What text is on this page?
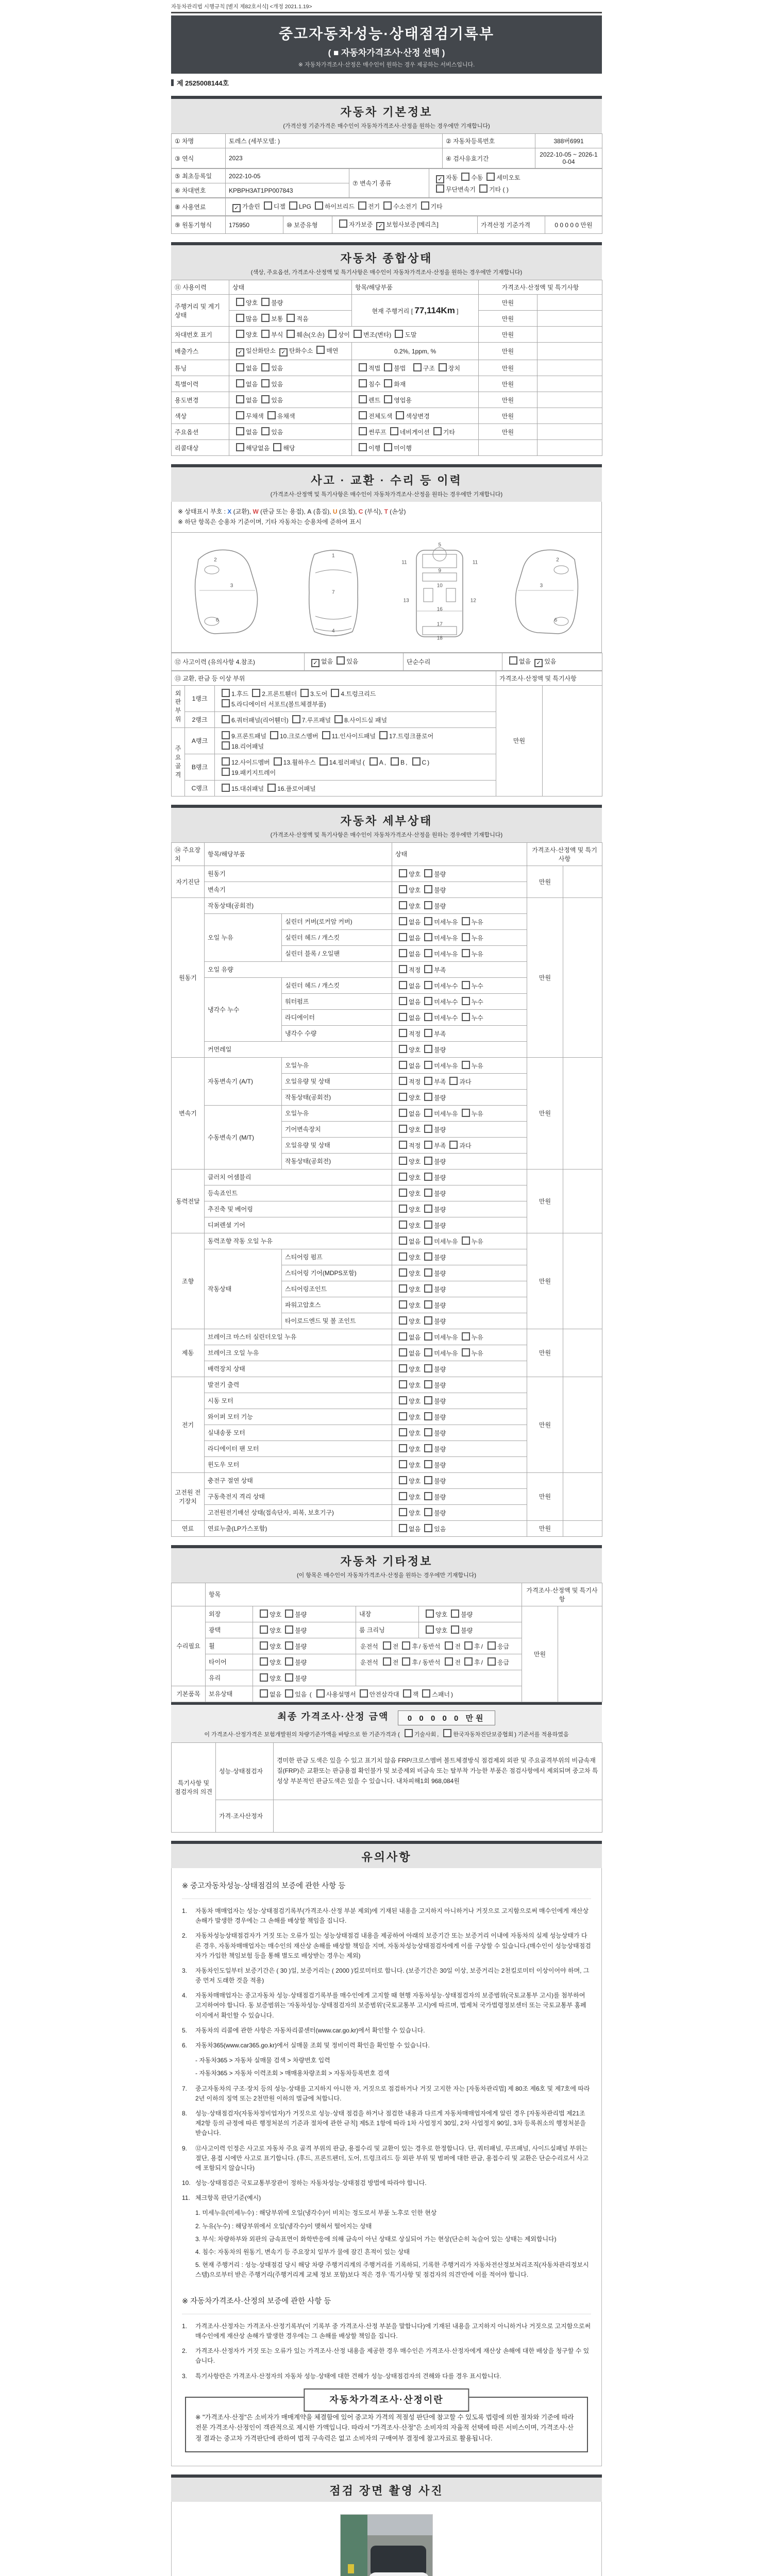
자동차관리법 시행규칙 [별지 제82호서식] <개정 2021.1.19>
중고자동차성능·상태점검기록부
( ■ 자동차가격조사·산정 선택 )
※ 자동차가격조사·산정은 매수인이 원하는 경우 제공하는 서비스입니다.
제 2525008144호
자동차 기본정보
(가격산정 기준가격은 매수인이 자동차가격조사·산정을 원하는 경우에만 기재합니다)
① 차명	토레스 (세부모델: )	② 자동차등록번호	388버6991
③ 연식	2023	④ 검사유효기간	2022-10-05 ~ 2026-10-04
⑤ 최초등록일	2022-10-05	⑦ 변속기 종류	✓자동 수동 세미오토
무단변속기 기타 ( )
⑥ 차대번호	KPBPH3AT1PP007843		
⑧ 사용연료	✓가솔린 디젤 LPG 하이브리드 전기 수소전기 기타
⑨ 원동기형식	175950	⑩ 보증유형	자가보증 ✓ 보험사보증 [메리츠]	가격산정 기준가격	0 0 0 0 0 만원
자동차 종합상태
(색상, 주요옵션, 가격조사·산정액 및 특기사항은 매수인이 자동차가격조사·산정을 원하는 경우에만 기재합니다)
⑪ 사용이력	상태	항목/해당부품	가격조사·산정액 및 특기사항	
주행거리 및 계기상태	양호 불량	현재 주행거리 [ 77,114Km ]	만원	
	많음 보통 적음		만원	
차대번호 표기	양호 부식 훼손(오손) 상이 변조(변타) 도말		만원	
배출가스	✓일산화탄소 ✓ 탄화수소 매연	0.2%, 1ppm, %	만원	
튜닝	없음 있음	적법 불법 구조 장치	만원	
특별이력	없음 있음	침수 화재	만원	
용도변경	없음 있음	렌트 영업용	만원	
색상	무채색 유채색	전체도색 색상변경	만원	
주요옵션	없음 있음	썬루프 네비게이션 기타	만원	
리콜대상	해당없음 해당	이행 미이행		
사고 · 교환 · 수리 등 이력
(가격조사·산정액 및 특기사항은 매수인이 자동차가격조사·산정을 원하는 경우에만 기재합니다)
※ 상태표시 부호 : X (교환), W (판금 또는 용접), A (흠집), U (요철), C (부식), T (손상)
※ 하단 항목은 승용차 기준이며, 기타 자동차는 승용차에 준하여 표시
2
3
6
1
7
4
5
11	11
9
10
13	12
16
17
18
2
3
6
⑫ 사고이력 (유의사항 4.참조)	✓없음 있음	단순수리	없음 ✓ 있음
⑬ 교환, 판금 등 이상 부위			가격조사·산정액 및 특기사항	
외판부위	1랭크	1.후드 2.프론트휀더 3.도어 4.트렁크리드
5.라디에이터 서포트(볼트체결부품)	만원	
	2랭크	6.쿼터패널(리어휀더) 7.루프패널 8.사이드실 패널		
주요골격	A랭크	9.프론트패널 10.크로스멤버 11.인사이드패널 17.트렁크플로어
18.리어패널		
	B랭크	12.사이드멤버 13.휠하우스 14.필러패널 ( A , B , C )
19.패키지트레이		
	C랭크	15.대쉬패널 16.플로어패널		
자동차 세부상태
(가격조사·산정액 및 특기사항은 매수인이 자동차가격조사·산정을 원하는 경우에만 기재합니다)
⑭ 주요장치	항목/해당부품		상태	가격조사·산정액 및 특기사항	
자기진단	원동기		양호 불량	만원	
	변속기		양호 불량		
원동기	작동상태(공회전)		양호 불량	만원	
	오일 누유	실린더 커버(로커암 커버)	없음 미세누유 누유		
		실린더 헤드 / 개스킷	없음 미세누유 누유		
		실린더 블록 / 오일팬	없음 미세누유 누유		
	오일 유량		적정 부족		
	냉각수 누수	실린더 헤드 / 개스킷	없음 미세누수 누수		
		워터펌프	없음 미세누수 누수		
		라디에이터	없음 미세누수 누수		
		냉각수 수량	적정 부족		
	커먼레일		양호 불량		
변속기	자동변속기 (A/T)	오일누유	없음 미세누유 누유	만원	
		오일유량 및 상태	적정 부족 과다		
		작동상태(공회전)	양호 불량		
	수동변속기 (M/T)	오일누유	없음 미세누유 누유		
		기어변속장치	양호 불량		
		오일유량 및 상태	적정 부족 과다		
		작동상태(공회전)	양호 불량		
동력전달	클러치 어셈블리		양호 불량	만원	
	등속죠인트		양호 불량		
	추진축 및 베어링		양호 불량		
	디퍼렌셜 기어		양호 불량		
조향	동력조향 작동 오일 누유		없음 미세누유 누유	만원	
	작동상태	스티어링 펌프	양호 불량		
		스티어링 기어(MDPS포함)	양호 불량		
		스티어링조인트	양호 불량		
		파워고압호스	양호 불량		
		타이로드엔드 및 볼 조인트	양호 불량		
제동	브레이크 마스터 실린더오일 누유		없음 미세누유 누유	만원	
	브레이크 오일 누유		없음 미세누유 누유		
	배력장치 상태		양호 불량		
전기	발전기 출력		양호 불량	만원	
	시동 모터		양호 불량		
	와이퍼 모터 기능		양호 불량		
	실내송풍 모터		양호 불량		
	라디에이터 팬 모터		양호 불량		
	윈도우 모터		양호 불량		
고전원 전기장치	충전구 절연 상태		양호 불량	만원	
	구동축전지 격리 상태		양호 불량		
	고전원전기배선 상태(접속단자, 피복, 보호기구)		양호 불량		
연료	연료누출(LP가스포함)		없음 있음	만원	
자동차 기타정보
(이 항목은 매수인이 자동차가격조사·산정을 원하는 경우에만 기재합니다)
	항목				가격조사·산정액 및 특기사항	
수리필요	외장	양호 불량	내장	양호 불량	만원	
	광택	양호 불량	룸 크리닝	양호 불량		
	휠	양호 불량	운전석 전 후 / 동반석 전 후 / 응급			
	타이어	양호 불량	운전석 전 후 / 동반석 전 후 / 응급			
	유리	양호 불량				
기본품목	보유상태	없음 있음 ( 사용설명서 안전삼각대 잭 스패너 )				
최종 가격조사·산정 금액 0 0 0 0 0 만원
이 가격조사·산정가격은 보험개발원의 차량기준가액을 바탕으로 한 기준가격과 (	기술사회 ,	한국자동차진단보증협회 ) 기준서를 적용하였음
특기사항 및 점검자의 의견	성능·상태점검자	경미한 판금 도색은 있을 수 있고 표기치 않음 FRP/크로스멤버 볼트체결방식 점검제외 외판 및 주요골격부위의 비금속재질(FRP)은 교환또는 판금용접 확인불가 및 보증제외 비금속 또는 탈부착 가능한 부품은 점검사항에서 제외되며 중고차 특성상 부분적인 판금도색은 있을 수 있습니다. 내차피해1회 968,084원
	가격·조사산정자	
유의사항
※ 중고자동차성능·상태점검의 보증에 관한 사항 등
1.	자동차 매매업자는 성능·상태점검기록부(가격조사·산정 부분 제외)에 기재된 내용을 고지하지 아니하거나 거짓으로 고지함으로써 매수인에게 재산상 손해가 발생한 경우에는 그 손해를 배상할 책임을 집니다.
2.	자동차성능상태점검자가 거짓 또는 오류가 있는 성능상태점검 내용을 제공하여 아래의 보증기간 또는 보증거리 이내에 자동차의 실제 성능상태가 다른 경우, 자동차매매업자는 매수인의 재산상 손해를 배상할 책임을 지며, 자동차성능상태점검자에게 이를 구상할 수 있습니다.(매수인이 성능상태점검자가 가입한 책임보험 등을 통해 별도로 배상받는 경우는 제외)
3.	자동차인도일부터 보증기간은 ( 30 )일, 보증거리는 ( 2000 )킬로미터로 합니다. (보증기간은 30일 이상, 보증거리는 2천킬로미터 이상이어야 하며, 그 중 먼저 도래한 것을 적용)
4.	자동차매매업자는 중고자동차 성능·상태점검기록부를 매수인에게 고지할 때 현행 자동차성능·상태점검자의 보증범위(국토교통부 고시)를 첨부하여 고지하여야 합니다. 동 보증범위는 '자동차성능·상태점검자의 보증범위'(국토교통부 고시)에 따르며, 법제처 국가법령정보센터 또는 국토교통부 홈페이지에서 확인할 수 있습니다.
5.	자동차의 리콜에 관한 사항은 자동차리콜센터(www.car.go.kr)에서 확인할 수 있습니다.
6.	자동차365(www.car365.go.kr)에서 실매물 조회 및 정비이력 확인을 확인할 수 있습니다.
- 자동차365 > 자동차 실매물 검색 > 차량번호 입력
- 자동차365 > 자동차 이력조회 > 매매용차량조회 > 자동차등록번호 검색
7.	중고자동차의 구조·장치 등의 성능·상태를 고지하지 아니한 자, 거짓으로 점검하거나 거짓 고지한 자는 [자동차관리법] 제 80조 제6호 및 제7호에 따라 2년 이하의 징역 또는 2천만원 이하의 벌금에 처합니다.
8.	성능·상태점검자(자동차정비업자)가 거짓으로 성능·상태 점검을 하거나 점검한 내용과 다르게 자동차매매업자에게 알린 경우 [자동차관리법 제21조 제2항 등의 규정에 따른 행정처분의 기준과 절차에 관한 규칙] 제5조 1항에 따라 1차 사업정지 30일, 2차 사업정지 90일, 3차 등록취소의 행정처분을 받습니다.
9.	⑫사고이력 인정은 사고로 자동차 주요 골격 부위의 판금, 용접수리 및 교환이 있는 경우로 한정합니다. 단, 쿼터패널, 루프패널, 사이드실패널 부위는 절단, 용접 시에만 사고로 표기합니다. (후드, 프론트펜더, 도어, 트렁크리드 등 외판 부위 및 범퍼에 대한 판금, 용접수리 및 교환은 단순수리로서 사고에 포함되지 않습니다)
10. 성능·상태점검은 국토교통부장관이 정하는 자동차성능·상태점검 방법에 따라야 합니다.
11. 체크항목 판단기준(예시)
1. 미세누유(미세누수) : 해당부위에 오일(냉각수)이 비치는 정도로서 부품 노후로 인한 현상
2. 누유(누수) : 해당부위에서 오일(냉각수)이 맺혀서 떨어지는 상태
3. 부식: 차량하부와 외판의 금속표면이 화학반응에 의해 금속이 아닌 상태로 상실되어 가는 현상(단순히 녹슬어 있는 상태는 제외합니다)
4. 침수: 자동차의 원동기, 변속기 등 주요장치 일부가 물에 잠긴 흔적이 있는 상태
5. 현재 주행거리 : 성능·상태점검 당시 해당 차량 주행거리계의 주행거리를 기록하되, 기록한 주행거리가 자동차전산정보처리조직(자동차관리정보시스템)으로부터 받은 주행거리(주행거리계 교체 정보 포함)보다 적은 경우 '특기사항 및 점검자의 의견'란에 이를 적어야 합니다.
※ 자동차가격조사·산정의 보증에 관한 사항 등
1.	가격조사·산정자는 가격조사·산정기록부(이 기록부 중 가격조사·산정 부분을 말합니다)에 기재된 내용을 고지하지 아니하거나 거짓으로 고지함으로써 매수인에게 재산상 손해가 발생한 경우에는 그 손해를 배상할 책임을 집니다.
2.	가격조사·산정자가 거짓 또는 오류가 있는 가격조사·산정 내용을 제공한 경우 매수인은 가격조사·산정자에게 재산상 손해에 대한 배상을 청구할 수 있습니다.
3.	특기사항란은 가격조사·산정자의 자동차 성능·상태에 대한 견해가 성능·상태점검자의 견해와 다를 경우 표시합니다.
자동차가격조사·산정이란
※ "가격조사·산정"은 소비자가 매매계약을 체결함에 있어 중고차 가격의 적절성 판단에 참고할 수 있도록 법령에 의한 절차와 기준에 따라 전문 가격조사·산정인이 객관적으로 제시한 가액입니다. 따라서 "가격조사·산정"은 소비자의 자율적 선택에 따른 서비스이며, 가격조사·산정 결과는 중고차 가격판단에 관하여 법적 구속력은 없고 소비자의 구매여부 결정에 참고자료로 활용됩니다.
점검 장면 촬영 사진
